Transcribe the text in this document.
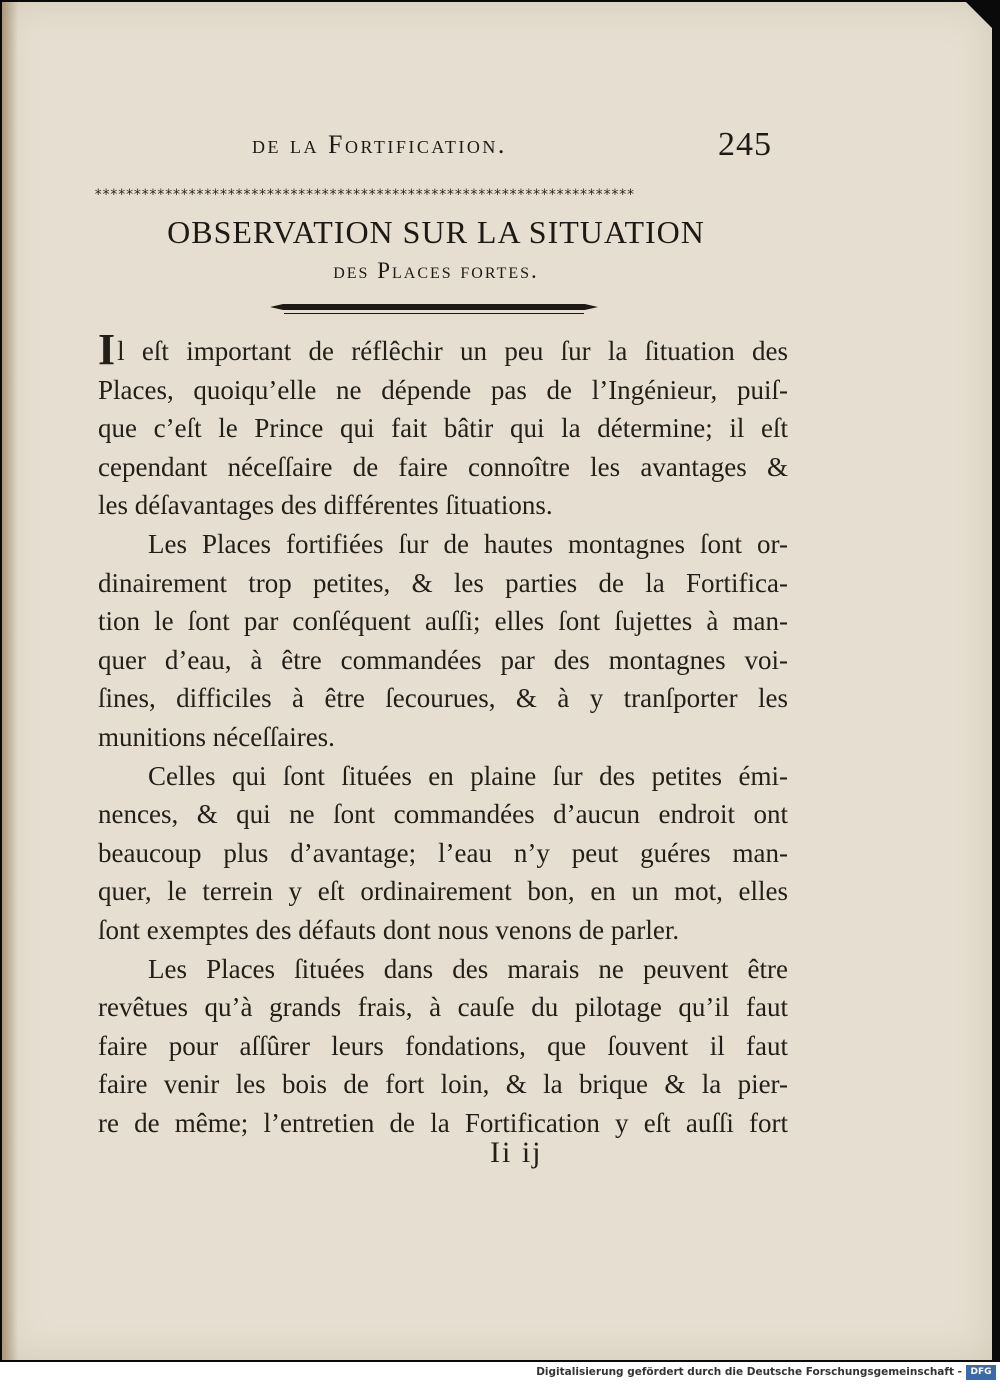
de la Fortification.	245
*********************************************************************
OBSERVATION SUR LA SITUATION
des Places fortes.
Il eſt important de réflêchir un peu ſur la ſituation des
Places, quoiqu’elle ne dépende pas de l’Ingénieur, puiſ-
que c’eſt le Prince qui fait bâtir qui la détermine; il eſt
cependant néceſſaire de faire connoître les avantages &
les déſavantages des différentes ſituations.
Les Places fortifiées ſur de hautes montagnes ſont or-
dinairement trop petites, & les parties de la Fortifica-
tion le ſont par conſéquent auſſi; elles ſont ſujettes à man-
quer d’eau, à être commandées par des montagnes voi-
ſines, difficiles à être ſecourues, & à y tranſporter les
munitions néceſſaires.
Celles qui ſont ſituées en plaine ſur des petites émi-
nences, & qui ne ſont commandées d’aucun endroit ont
beaucoup plus d’avantage; l’eau n’y peut guéres man-
quer, le terrein y eſt ordinairement bon, en un mot, elles
ſont exemptes des défauts dont nous venons de parler.
Les Places ſituées dans des marais ne peuvent être
revêtues qu’à grands frais, à cauſe du pilotage qu’il faut
faire pour aſſûrer leurs fondations, que ſouvent il faut
faire venir les bois de fort loin, & la brique & la pier-
re de même; l’entretien de la Fortification y eſt auſſi fort
Ii ij
Digitalisierung gefördert durch die Deutsche Forschungsgemeinschaft - DFG
